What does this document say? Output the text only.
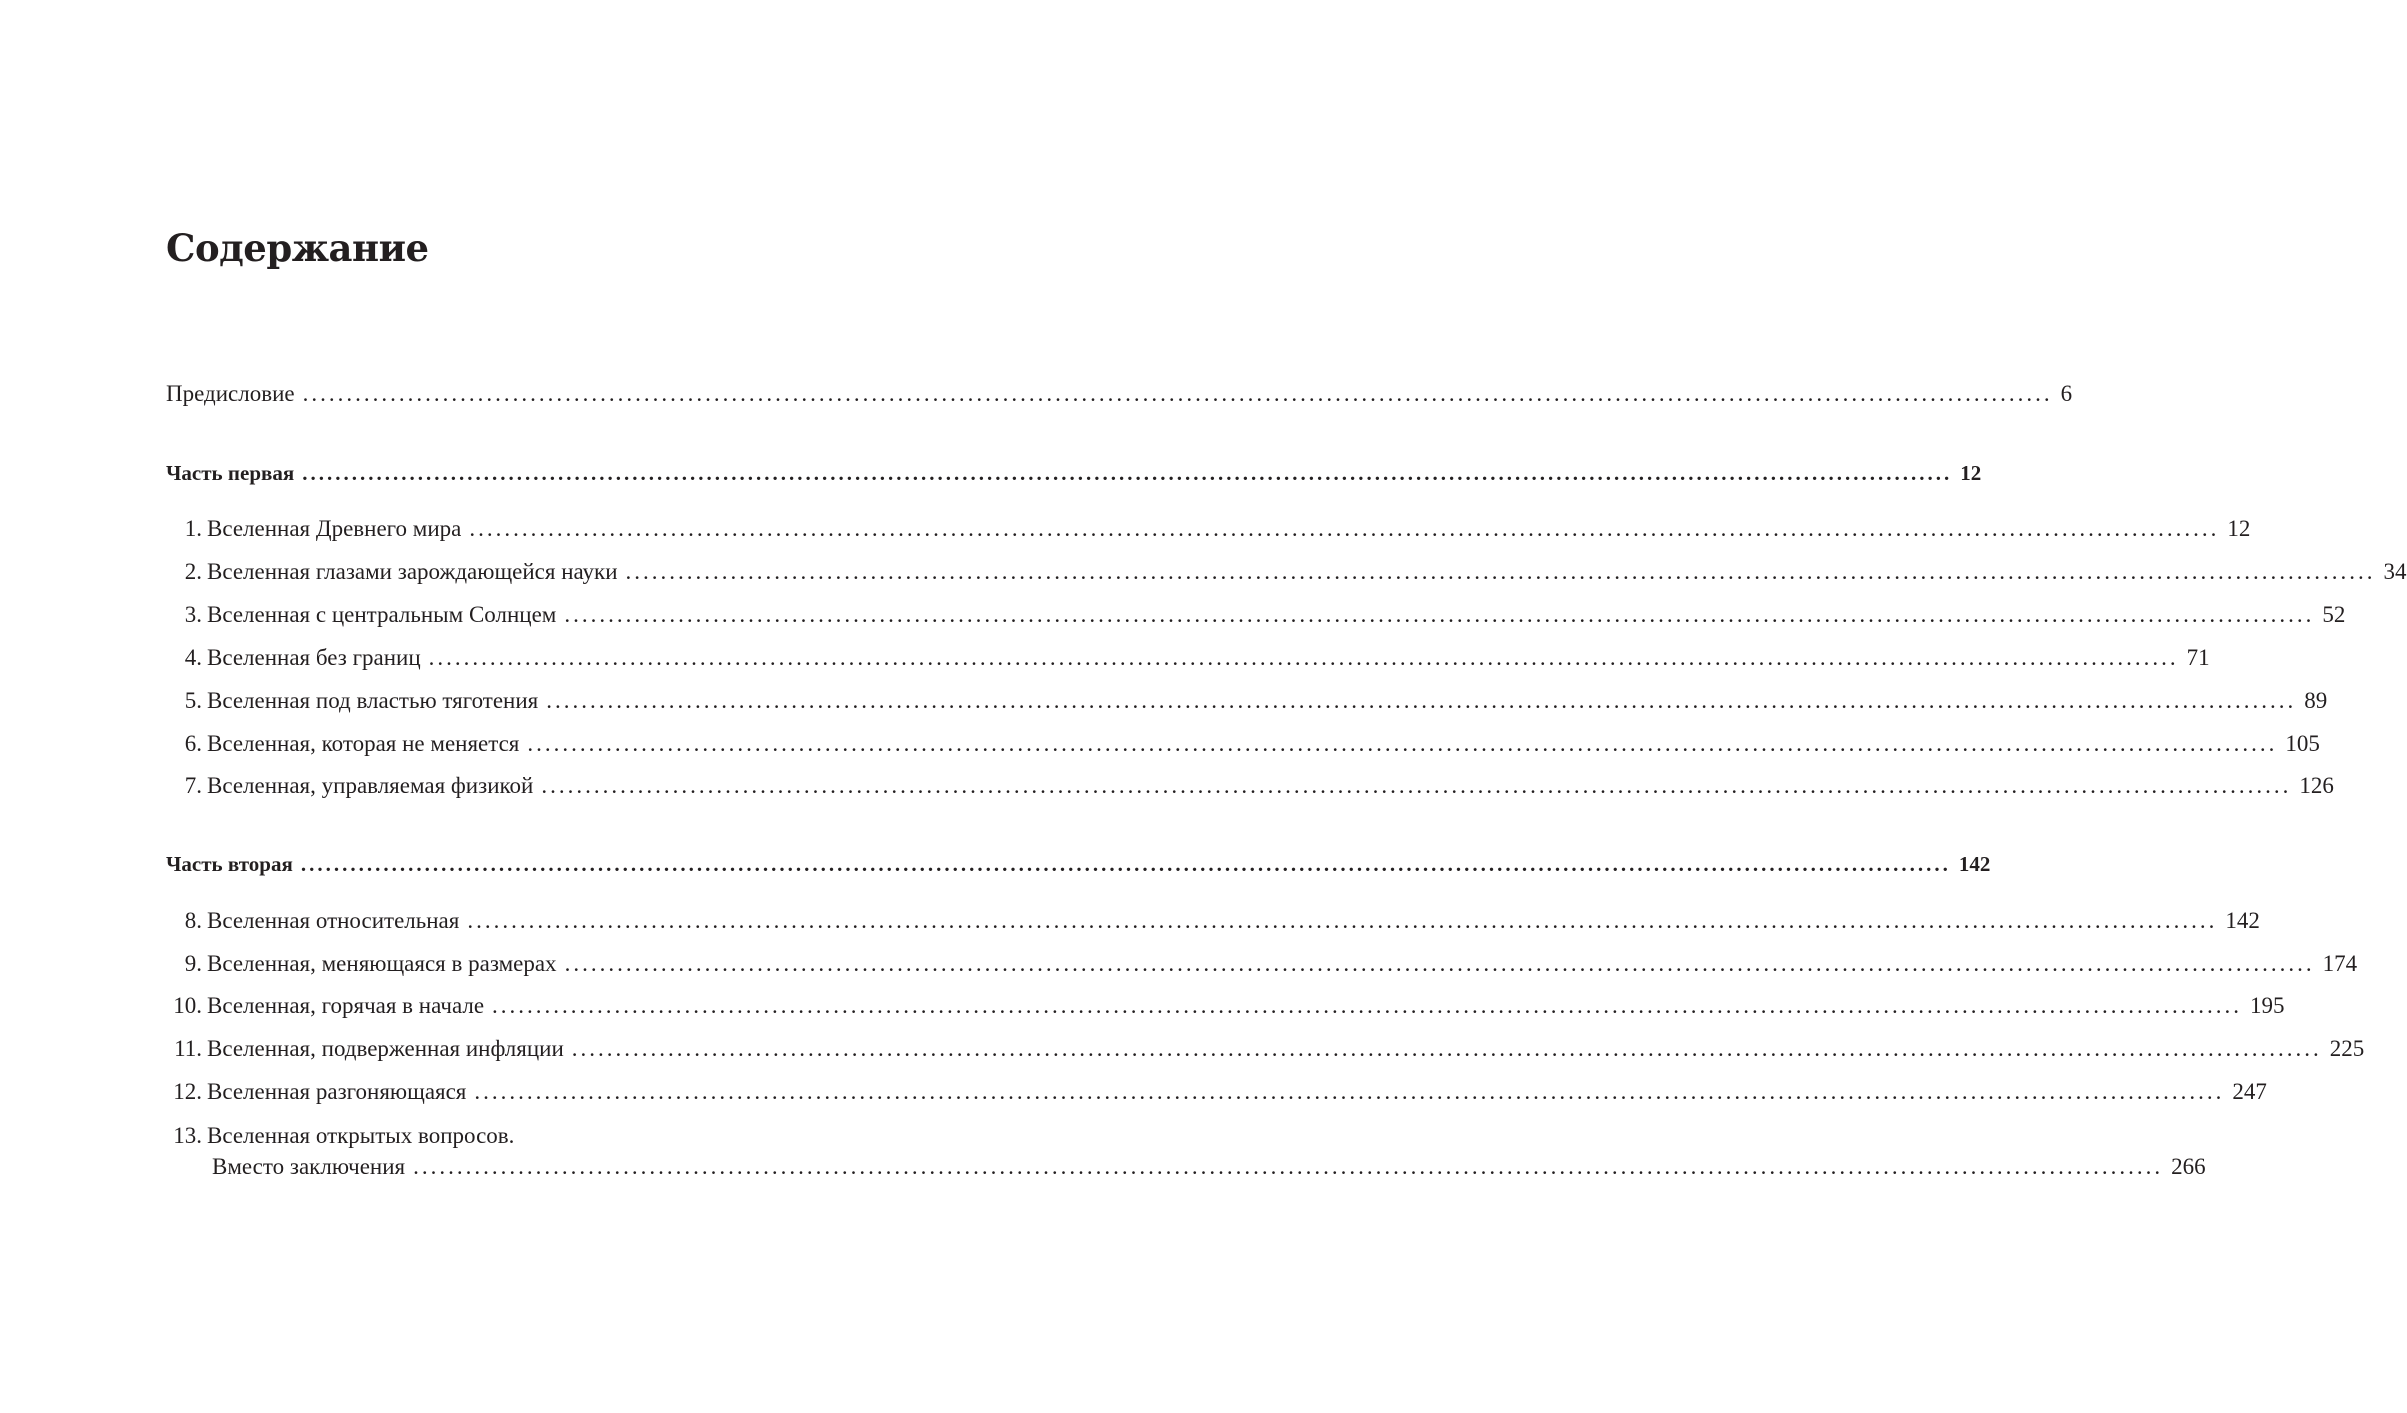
Содержание
Предисловие ........................................................................................................................................................................................................ 6
Часть первая ........................................................................................................................................................................................................ 12
1. Вселенная Древнего мира ........................................................................................................................................................................................................ 12
2. Вселенная глазами зарождающейся науки ........................................................................................................................................................................................................ 34
3. Вселенная с центральным Солнцем ........................................................................................................................................................................................................ 52
4. Вселенная без границ ........................................................................................................................................................................................................ 71
5. Вселенная под властью тяготения ........................................................................................................................................................................................................ 89
6. Вселенная, которая не меняется ........................................................................................................................................................................................................ 105
7. Вселенная, управляемая физикой ........................................................................................................................................................................................................ 126
Часть вторая ........................................................................................................................................................................................................ 142
8. Вселенная относительная ........................................................................................................................................................................................................ 142
9. Вселенная, меняющаяся в размерах ........................................................................................................................................................................................................ 174
10. Вселенная, горячая в начале ........................................................................................................................................................................................................ 195
11. Вселенная, подверженная инфляции ........................................................................................................................................................................................................ 225
12. Вселенная разгоняющаяся ........................................................................................................................................................................................................ 247
13. Вселенная открытых вопросов.
Вместо заключения ........................................................................................................................................................................................................ 266
